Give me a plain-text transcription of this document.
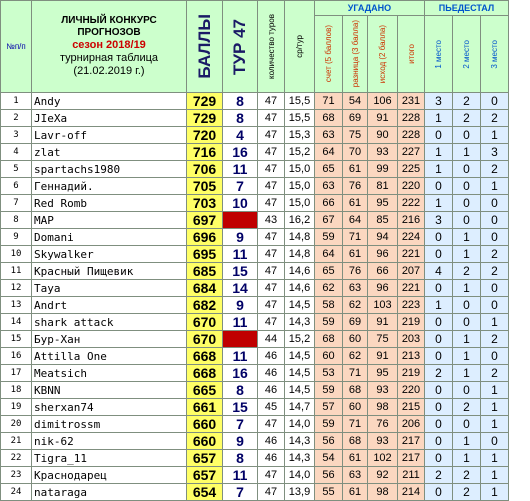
№п/п	ЛИЧНЫЙ КОНКУРС
ПРОГНОЗОВ
сезон 2018/19
турнирная таблица
(21.02.2019 г.)	БАЛЛЫ	ТУР 47	количество туров	ср/тур	УГАДАНО				ПЬЕДЕСТАЛ		

						счет (5 баллов)	разница (3 балла)	исход (2 балла)	итого	1 место	2 место	3 место

1	Andy	729	8	47	15,5	71	54	106	231	3	2	0
2	JIeXa	729	8	47	15,5	68	69	91	228	1	2	2
3	Lavr-off	720	4	47	15,3	63	75	90	228	0	0	1
4	zlat	716	16	47	15,2	64	70	93	227	1	1	3
5	spartachs1980	706	11	47	15,0	65	61	99	225	1	0	2
6	Геннадий.	705	7	47	15,0	63	76	81	220	0	0	1
7	Red Romb	703	10	47	15,0	66	61	95	222	1	0	0
8	MAP	697		43	16,2	67	64	85	216	3	0	0
9	Domani	696	9	47	14,8	59	71	94	224	0	1	0
10	Skywalker	695	11	47	14,8	64	61	96	221	0	1	2
11	Красный Пищевик	685	15	47	14,6	65	76	66	207	4	2	2
12	Taya	684	14	47	14,6	62	63	96	221	0	1	0
13	Andrt	682	9	47	14,5	58	62	103	223	1	0	0
14	shark attack	670	11	47	14,3	59	69	91	219	0	0	1
15	Бур-Хан	670		44	15,2	68	60	75	203	0	1	2
16	Attilla One	668	11	46	14,5	60	62	91	213	0	1	0
17	Meatsich	668	16	46	14,5	53	71	95	219	2	1	2
18	KBNN	665	8	46	14,5	59	68	93	220	0	0	1
19	sherxan74	661	15	45	14,7	57	60	98	215	0	2	1
20	dimitrossm	660	7	47	14,0	59	71	76	206	0	0	1
21	nik-62	660	9	46	14,3	56	68	93	217	0	1	0
22	Tigra_11	657	8	46	14,3	54	61	102	217	0	1	1
23	Краснодарец	657	11	47	14,0	56	63	92	211	2	2	1
24	nataraga	654	7	47	13,9	55	61	98	214	0	2	1
